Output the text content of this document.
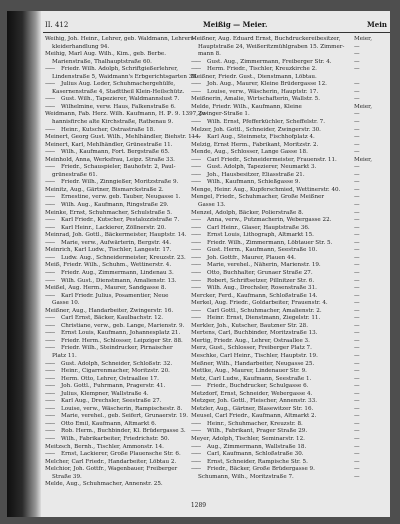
II. 412	Meißig — Meier.	Mein
Weihig, Joh. Heinr., Lehrer, geb. Waldmann, Lehrers-
kleiderhandlung 94.
Meihig, Marl Aug. Wilh., Kim., geb. Berbe.
Marienstraße, Thalhauptstraße 60.
—— Friedr. Wilh. Adolph, Schriftgießerlehrer,
Lindenstraße 5, Waidmann's Erbgerichtsgarten 35.
—— Julius Aug. Leder, Schuhmachergehülfe,
Kasernenstraße 4, Stadttheil Klein-Heilschütz.
—— Gust. Wilh., Tapezierer, Waldmannslust 7.
—— Wilhelmine, verw. Haus, Falkenstraße 6.
Weidmann, Fab. Herz. Wilh. Kaufmann, H. ℙ. 9. 1397, Jo-
hannisfirche alte Kirchstraße, Rathenau 9.
—— Heinr., Kutscher, Ostrastraße 18.
Meinert, Georg Gust. Wilh., Mehlhändler, Biehstr. 114.
Meinert, Karl, Mehlhändler, Grünestraße 11.
—— Wilh., Kaufmann, Fort. Bergstraße 65.
Meinhold, Anna, Werksfrau, Leipz. Straße 33.
—— Friedr., Schauspieler, Bauhofstr. 2, Paul-
grünestraße 61.
—— Friedr. Wilh., Zinngießer, Moritzstraße 9.
Meinitz, Aug., Gärtner, Bismarckstraße 2.
—— Ernestine, verw. geb. Tauber, Neugasse 1.
—— Wilh. Aug., Kaufmann, Ringstraße 29.
Meinke, Ernst, Schuhmacher, Schulstraße 5.
—— Karl Friedr., Kutscher, Pestalozzistraße 7.
—— Karl Heinr., Lackierer, Zöllnerstr. 20.
Meinrad, Joh. Gottl., Bäckermeister, Hauptstr. 14.
—— Marie, verw., Aufwärterin, Bergstr. 44.
Meinrich, Karl Ludw., Tischler, Langestr. 17.
—— Ludw. Aug., Schneidermeister, Kreuzstr. 23.
Meiß, Friedr. Wilh., Schuhm., Wettinerstr. 4.
—— Friedr. Aug., Zimmermann, Lindenau 3.
—— Wilh. Gust., Dienstmann, Amalienstr. 13.
Meißel, Aug. Herm., Maurer, Sandgasse 8.
—— Karl Friedr. Julius, Posamentier, Neue
Gasse 10.
Meißner, Aug., Handarbeiter, Zwingerstr. 16.
—— Carl Ernst, Bäcker, Kaulbachstr. 12.
—— Christiane, verw., geb. Lange, Marienstr. 9.
—— Ernst Louis, Kaufmann, Johannesplatz 21.
—— Friedr. Herm., Schlosser, Leipziger Str. 88.
—— Friedr. Wilh., Steindrucker, Pirnaischer
Platz 11.
—— Gust. Adolph, Schneider, Schloßstr. 32.
—— Heinr., Cigarrenmacher, Moritzstr. 20.
—— Herm. Otto, Lehrer, Ostraallee 17.
—— Joh. Gottl., Fuhrmann, Pragerstr. 41.
—— Julius, Klempner, Wallstraße 4.
—— Karl Aug., Drechsler, Seestraße 27.
—— Louise, verw., Wäscherin, Rampischestr. 8.
—— Marie, verehel., geb. Seifert, Grunaerstr. 19.
—— Otto Emil, Kaufmann, Altmarkt 6.
—— Rob. Herm., Buchbinder, Kl. Brüdergasse 3.
—— Wilh., Fabrikarbeiter, Friedrichstr. 50.
Meitzsch, Bernh., Tischler, Ammonstr. 14.
—— Ernst, Lackierer, Große Plauensche Str. 6.
Melcher, Carl Friedr., Handarbeiter, Löbtau 2.
Melchior, Joh. Gottfr., Wagenbauer, Freiberger
Straße 39.
Melde, Aug., Schuhmacher, Annenstr. 25.
Meißner, Aug. Eduard Ernst, Buchdruckereibesitzer,
Hauptstraße 24, Weißeritzmühlgraben 15. Zimmer-
mann 8.
—— Gust. Aug., Zimmermann, Freiberger Str. 4.
—— Herm. Friedr., Tischler, Kreuzkirche 2.
Meißner, Friedr. Gust., Dienstmann, Löbtau.
—— Joh. Aug., Maurer, Kleine Brüdergasse 12.
—— Louise, verw., Wäscherin, Hauptstr. 17.
Meißnerin, Amalie, Wirtschafterin, Wallstr. 5.
Melde, Friedr. Wilh., Kaufmann, Kleine
Zwinger-Straße 1.
—— Wilh. Ernst, Pfefferküchler, Scheffelstr. 7.
Melzer, Joh. Gottl., Schneider, Zwingerstr. 30.
—— Karl Aug., Steinmetz, Fischhofplatz 4.
Melzig, Ernst Herm., Fabrikant, Moritzstr. 2.
Mende, Aug., Schlosser, Lange Gasse 18.
—— Carl Friedr., Schneidermeister, Frauenstr. 11.
—— Gust. Adolph, Tapezierer, Neumarkt 3.
—— Joh., Hausbesitzer, Eliasstraße 21.
—— Wilh., Kaufmann, Schießgasse 9.
Menge, Heinr. Aug., Kupferschmied, Wettinerstr. 40.
Mengel, Friedr., Schuhmacher, Große Meißner
Gasse 13.
Menzel, Adolph, Bäcker, Polierstraße 8.
—— Anna, verw., Putzmacherin, Webergasse 22.
—— Carl Heinr., Glaser, Hauptstraße 36.
—— Ernst Louis, Lithograph, Altmarkt 15.
—— Friedr. Wilh., Zimmermann, Löbtauer Str. 5.
—— Gust. Herm., Kaufmann, Seestraße 10.
—— Joh. Gottfr., Maurer, Plauen 44.
—— Marie, verehel., Näherin, Marienstr. 19.
—— Otto, Buchhalter, Grunaer Straße 27.
—— Robert, Schriftsetzer, Pillnitzer Str. 6.
—— Wilh. Aug., Drechsler, Rosenstraße 31.
Mercker, Ferd., Kaufmann, Schloßstraße 14.
Merkel, Aug. Friedr., Goldarbeiter, Frauenstr. 4.
—— Carl Gottl., Schuhmacher, Amalienstr. 2.
—— Heinr. Ernst, Dienstmann, Ziegelstr. 11.
Merkler, Joh., Kutscher, Bautzner Str. 28.
Mertens, Carl, Buchbinder, Moritzstraße 13.
Mertig, Friedr. Aug., Lehrer, Ostraallee 3.
Merz, Gust., Schlosser, Freiberger Platz 7.
Meschke, Carl Heinr., Tischler, Hauptstr. 19.
Meßner, Wilh., Handarbeiter, Neugasse 25.
Mettke, Aug., Maurer, Lindenauer Str. 9.
Metz, Carl Ludw., Kaufmann, Seestraße 1.
—— Friedr., Buchdrucker, Schulgasse 6.
Metzdorf, Ernst, Schneider, Webergasse 4.
Metzger, Joh. Gottl., Fleischer, Annenstr. 33.
Metzler, Aug., Gärtner, Blasewitzer Str. 16.
Meusel, Carl Friedr., Kaufmann, Altmarkt 2.
—— Heinr., Schuhmacher, Kreuzstr. 8.
—— Wilh., Fabrikant, Prager Straße 29.
Meyer, Adolph, Tischler, Seminarstr. 12.
—— Aug., Zimmermann, Wallstraße 18.
—— Carl, Kaufmann, Schloßstraße 30.
—— Ernst, Schneider, Rampische Str. 5.
—— Friedr., Bäcker, Große Brüdergasse 9.
Schumann, Wilh., Moritzstraße 7.
Meier,
—
—
—
—
—
—
—
Meier,
—
—
—
—
—
—
Meier,
—
—
—
—
—
—
—
—
—
—
—
—
—
—
—
—
—
—
—
—
—
—
—
—
—
—
—
—
—
—
—
—
—
—
—
—
—
—
—
—
—
—
1289
